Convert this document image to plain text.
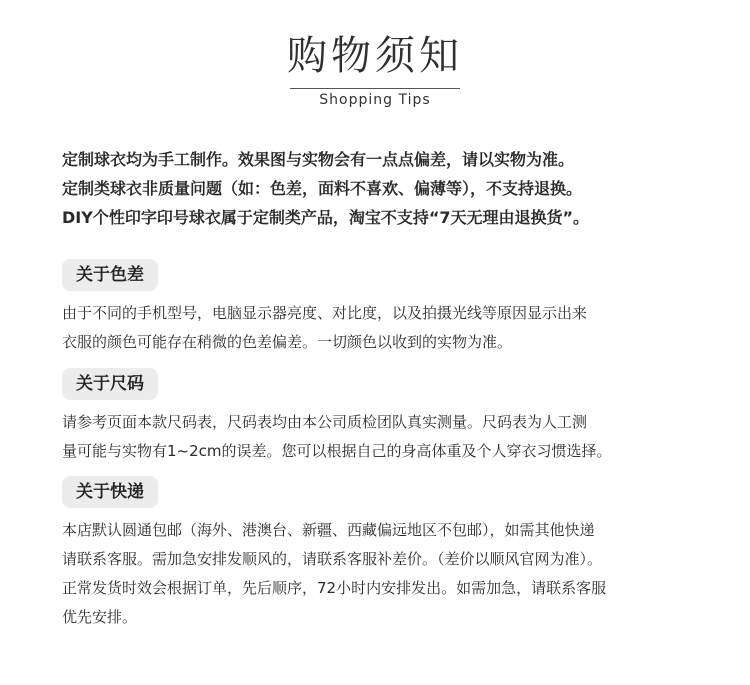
购物须知
Shopping Tips
定制球衣均为手工制作。效果图与实物会有一点点偏差，请以实物为准。
定制类球衣非质量问题（如：色差，面料不喜欢、偏薄等），不支持退换。
DIY个性印字印号球衣属于定制类产品，淘宝不支持“7天无理由退换货”。
关于色差
由于不同的手机型号，电脑显示器亮度、对比度，以及拍摄光线等原因显示出来
衣服的颜色可能存在稍微的色差偏差。一切颜色以收到的实物为准。
关于尺码
请参考页面本款尺码表，尺码表均由本公司质检团队真实测量。尺码表为人工测
量可能与实物有1~2cm的误差。您可以根据自己的身高体重及个人穿衣习惯选择。
关于快递
本店默认圆通包邮（海外、港澳台、新疆、西藏偏远地区不包邮），如需其他快递
请联系客服。需加急安排发顺风的，请联系客服补差价。（差价以顺风官网为准）。
正常发货时效会根据订单，先后顺序，72小时内安排发出。如需加急，请联系客服
优先安排。
